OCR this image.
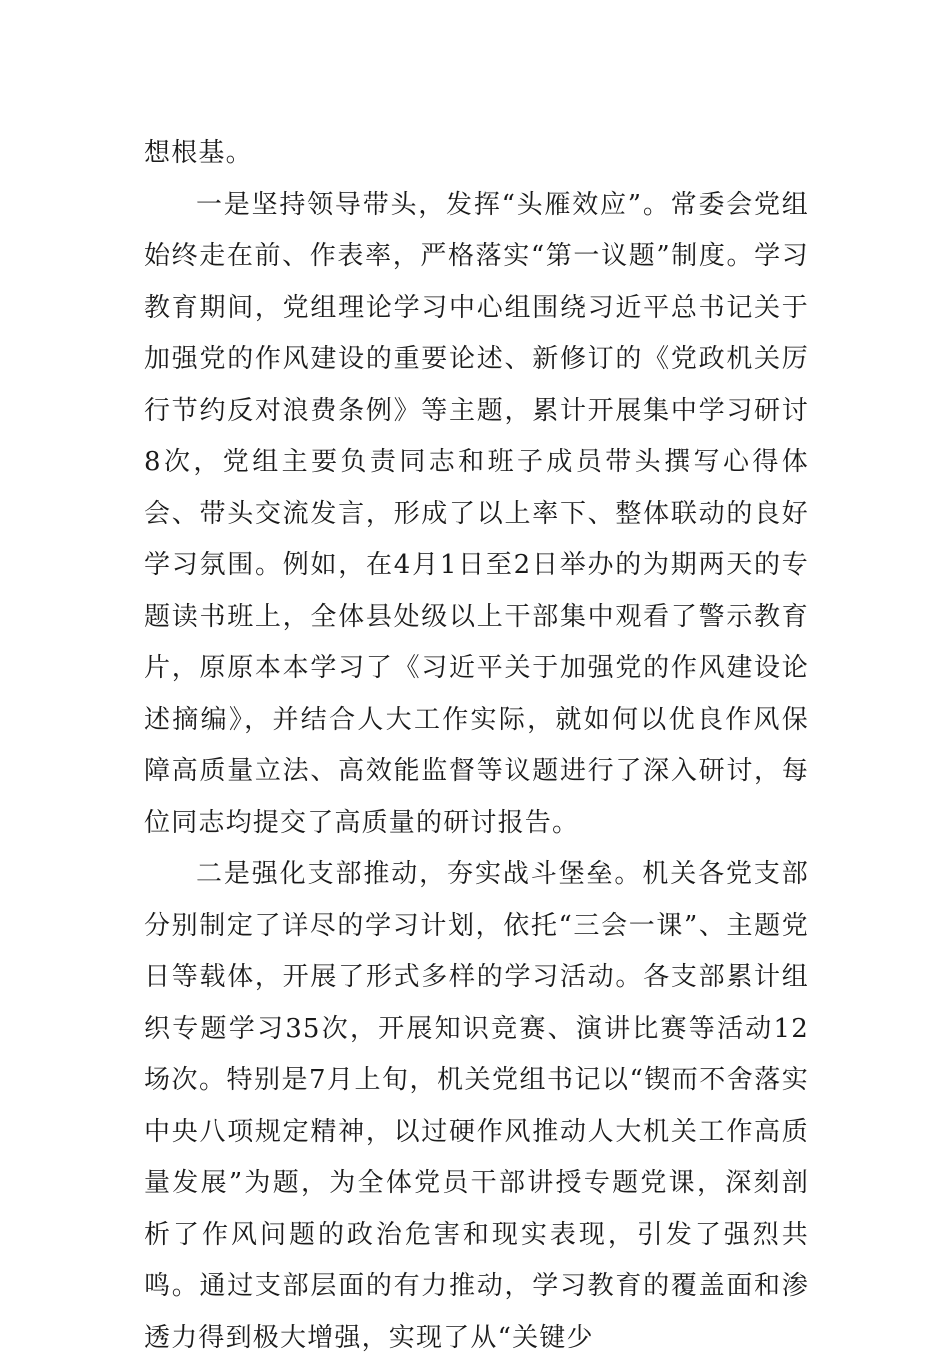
想根基。

一是坚持领导带头，发挥“头雁效应”。常委会党组始终走在前、作表率，严格落实“第一议题”制度。学习教育期间，党组理论学习中心组围绕习近平总书记关于加强党的作风建设的重要论述、新修订的《党政机关厉行节约反对浪费条例》等主题，累计开展集中学习研讨8次，党组主要负责同志和班子成员带头撰写心得体会、带头交流发言，形成了以上率下、整体联动的良好学习氛围。例如，在4月1日至2日举办的为期两天的专题读书班上，全体县处级以上干部集中观看了警示教育片，原原本本学习了《习近平关于加强党的作风建设论述摘编》，并结合人大工作实际，就如何以优良作风保障高质量立法、高效能监督等议题进行了深入研讨，每位同志均提交了高质量的研讨报告。

二是强化支部推动，夯实战斗堡垒。机关各党支部分别制定了详尽的学习计划，依托“三会一课”、主题党日等载体，开展了形式多样的学习活动。各支部累计组织专题学习35次，开展知识竞赛、演讲比赛等活动12场次。特别是7月上旬，机关党组书记以“锲而不舍落实中央八项规定精神，以过硬作风推动人大机关工作高质量发展”为题，为全体党员干部讲授专题党课，深刻剖析了作风问题的政治危害和现实表现，引发了强烈共鸣。通过支部层面的有力推动，学习教育的覆盖面和渗透力得到极大增强，实现了从“关键少
